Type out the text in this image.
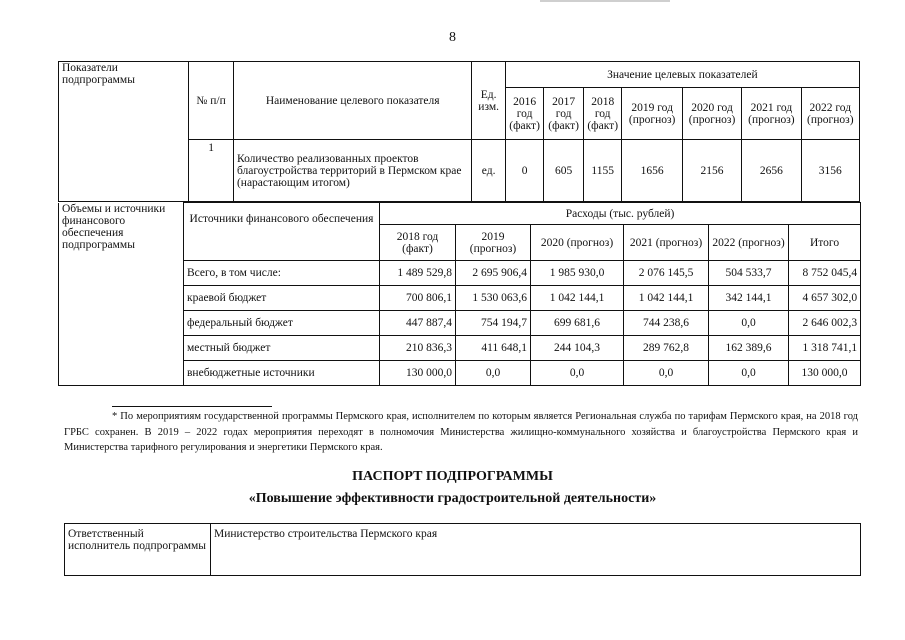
8
Показатели подпрограммы	№ п/п	Наименование целевого показателя	Ед. изм.	Значение целевых показателей						
				2016 год (факт)	2017 год (факт)	2018 год (факт)	2019 год (прогноз)	2020 год (прогноз)	2021 год (прогноз)	2022 год (прогноз)
	1	Количество реализованных проектов благоустройства территорий в Пермском крае (нарастающим итогом)	ед.	0	605	1155	1656	2156	2656	3156
Объемы и источники финансового обеспечения подпрограммы	Источники финансового обеспечения	Расходы (тыс. рублей)					
		2018 год (факт)	2019 (прогноз)	2020 (прогноз)	2021 (прогноз)	2022 (прогноз)	Итого
	Всего, в том числе:	1 489 529,8	2 695 906,4	1 985 930,0	2 076 145,5	504 533,7	8 752 045,4
	краевой бюджет	700 806,1	1 530 063,6	1 042 144,1	1 042 144,1	342 144,1	4 657 302,0
	федеральный бюджет	447 887,4	754 194,7	699 681,6	744 238,6	0,0	2 646 002,3
	местный бюджет	210 836,3	411 648,1	244 104,3	289 762,8	162 389,6	1 318 741,1
	внебюджетные источники	130 000,0	0,0	0,0	0,0	0,0	130 000,0
* По мероприятиям государственной программы Пермского края, исполнителем по которым является Региональная служба по тарифам Пермского края, на 2018 год ГРБС сохранен. В 2019 – 2022 годах мероприятия переходят в полномочия Министерства жилищно-коммунального хозяйства и благоустройства Пермского края и Министерства тарифного регулирования и энергетики Пермского края.
ПАСПОРТ ПОДПРОГРАММЫ
«Повышение эффективности градостроительной деятельности»
Ответственный исполнитель подпрограммы	Министерство строительства Пермского края
